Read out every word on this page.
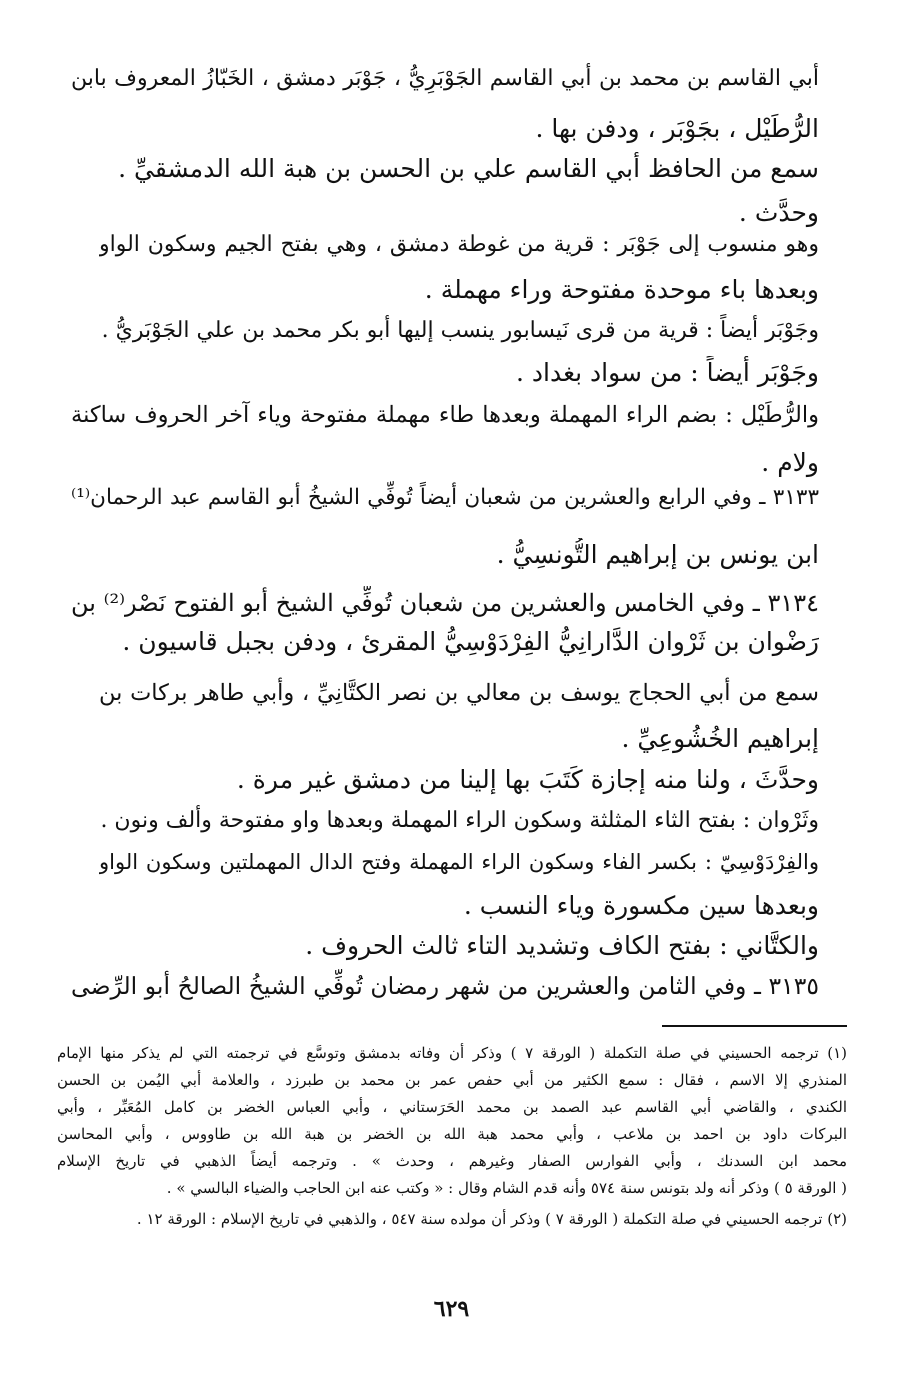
أبي القاسم بن محمد بن أبي القاسم الجَوْبَرِيُّ ، جَوْبَر دمشق ، الخَبّازُ المعروف بابن
الرُّطَيْل ، بجَوْبَر ، ودفن بها .
سمع من الحافظ أبي القاسم علي بن الحسن بن هبة الله الدمشقيِّ .
وحدَّث .
وهو منسوب إلى جَوْبَر : قرية من غوطة دمشق ، وهي بفتح الجيم وسكون الواو
وبعدها باء موحدة مفتوحة وراء مهملة .
وجَوْبَر أيضاً : قرية من قرى نَيسابور ينسب إليها أبو بكر محمد بن علي الجَوْبَريُّ .
وجَوْبَر أيضاً : من سواد بغداد .
والرُّطَيْل : بضم الراء المهملة وبعدها طاء مهملة مفتوحة وياء آخر الحروف ساكنة
ولام .
٣١٣٣ ـ وفي الرابع والعشرين من شعبان أيضاً تُوفِّي الشيخُ أبو القاسم عبد الرحمان⁽¹⁾
ابن يونس بن إبراهيم التُّونسِيُّ .
٣١٣٤ ـ وفي الخامس والعشرين من شعبان تُوفِّي الشيخ أبو الفتوح نَصْر⁽²⁾ بن
رَضْوان بن ثَرْوان الدَّارانِيُّ الفِرْدَوْسِيُّ المقرئ ، ودفن بجبل قاسيون .
سمع من أبي الحجاج يوسف بن معالي بن نصر الكتَّانِيِّ ، وأبي طاهر بركات بن
إبراهيم الخُشُوعِيِّ .
وحدَّثَ ، ولنا منه إجازة كَتَبَ بها إلينا من دمشق غير مرة .
وثَرْوان : بفتح الثاء المثلثة وسكون الراء المهملة وبعدها واو مفتوحة وألف ونون .
والفِرْدَوْسِيّ : بكسر الفاء وسكون الراء المهملة وفتح الدال المهملتين وسكون الواو
وبعدها سين مكسورة وياء النسب .
والكتَّاني : بفتح الكاف وتشديد التاء ثالث الحروف .
٣١٣٥ ـ وفي الثامن والعشرين من شهر رمضان تُوفِّي الشيخُ الصالحُ أبو الرِّضى
(١) ترجمه الحسيني في صلة التكملة ( الورقة ٧ ) وذكر أن وفاته بدمشق وتوسَّع في ترجمته التي لم يذكر منها الإمام
المنذري إلا الاسم ، فقال : سمع الكثير من أبي حفص عمر بن محمد بن طبرزد ، والعلامة أبي اليُمن بن الحسن
الكندي ، والقاضي أبي القاسم عبد الصمد بن محمد الحَرَستاني ، وأبي العباس الخضر بن كامل المُعَبِّر ، وأبي
البركات داود بن احمد بن ملاعب ، وأبي محمد هبة الله بن الخضر بن هبة الله بن طاووس ، وأبي المحاسن
محمد ابن السدنك ، وأبي الفوارس الصفار وغيرهم ، وحدث » . وترجمه أيضاً الذهبي في تاريخ الإسلام
( الورقة ٥ ) وذكر أنه ولد بتونس سنة ٥٧٤ وأنه قدم الشام وقال : « وكتب عنه ابن الحاجب والضياء البالسي » .
(٢) ترجمه الحسيني في صلة التكملة ( الورقة ٧ ) وذكر أن مولده سنة ٥٤٧ ، والذهبي في تاريخ الإسلام : الورقة ١٢ .
٦٢٩
